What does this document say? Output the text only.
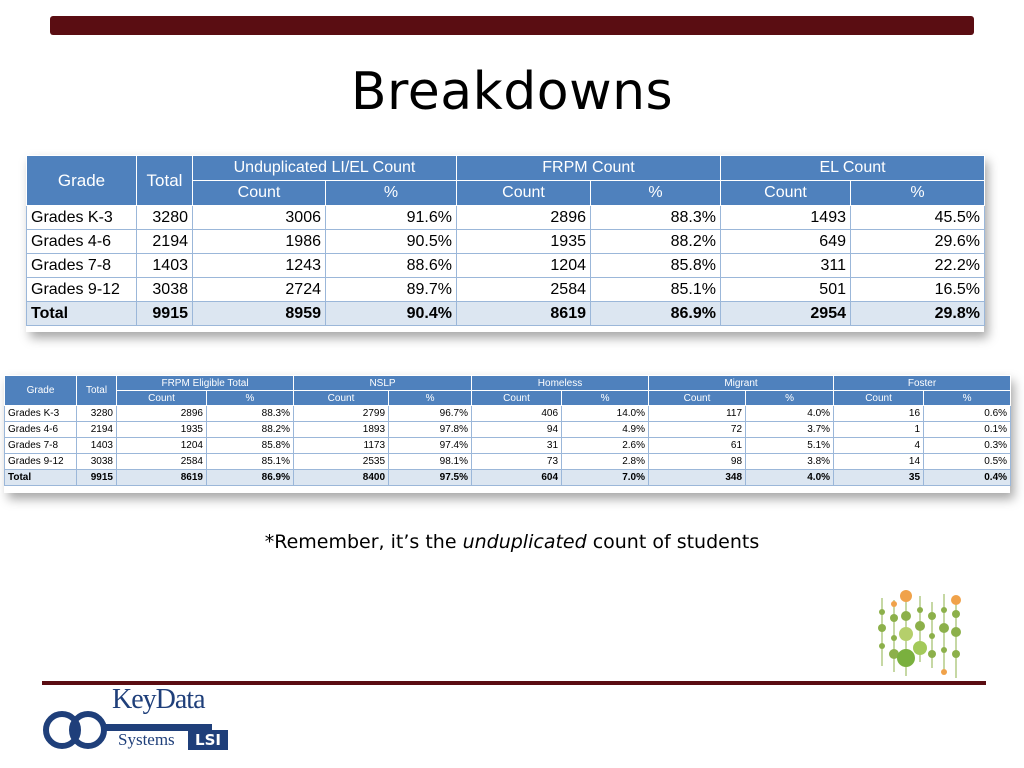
Breakdowns
Grade	Total	Unduplicated LI/EL Count		FRPM Count		EL Count	
		Count	%	Count	%	Count	%
Grades K-3	3280	3006	91.6%	2896	88.3%	1493	45.5%
Grades 4-6	2194	1986	90.5%	1935	88.2%	649	29.6%
Grades 7-8	1403	1243	88.6%	1204	85.8%	311	22.2%
Grades 9-12	3038	2724	89.7%	2584	85.1%	501	16.5%
Total	9915	8959	90.4%	8619	86.9%	2954	29.8%
Grade	Total	FRPM Eligible Total		NSLP		Homeless		Migrant		Foster	
		Count	%	Count	%	Count	%	Count	%	Count	%
Grades K-3	3280	2896	88.3%	2799	96.7%	406	14.0%	117	4.0%	16	0.6%
Grades 4-6	2194	1935	88.2%	1893	97.8%	94	4.9%	72	3.7%	1	0.1%
Grades 7-8	1403	1204	85.8%	1173	97.4%	31	2.6%	61	5.1%	4	0.3%
Grades 9-12	3038	2584	85.1%	2535	98.1%	73	2.8%	98	3.8%	14	0.5%
Total	9915	8619	86.9%	8400	97.5%	604	7.0%	348	4.0%	35	0.4%
*Remember, it’s the unduplicated count of students
KeyData
Systems	LSI
